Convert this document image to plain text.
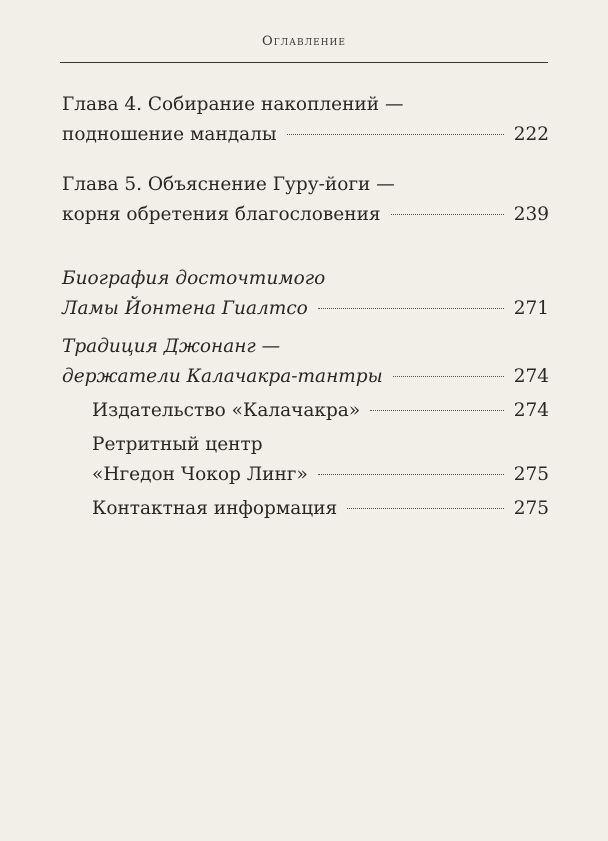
Оглавление
Глава 4. Собирание накоплений —
подношение мандалы	222
Глава 5. Объяснение Гуру-йоги —
корня обретения благословения	239
Биография досточтимого
Ламы Йонтена Гиалтсо	271
Традиция Джонанг —
держатели Калачакра-тантры	274
Издательство «Калачакра»	274
Ретритный центр
«Нгедон Чокор Линг»	275
Контактная информация	275
